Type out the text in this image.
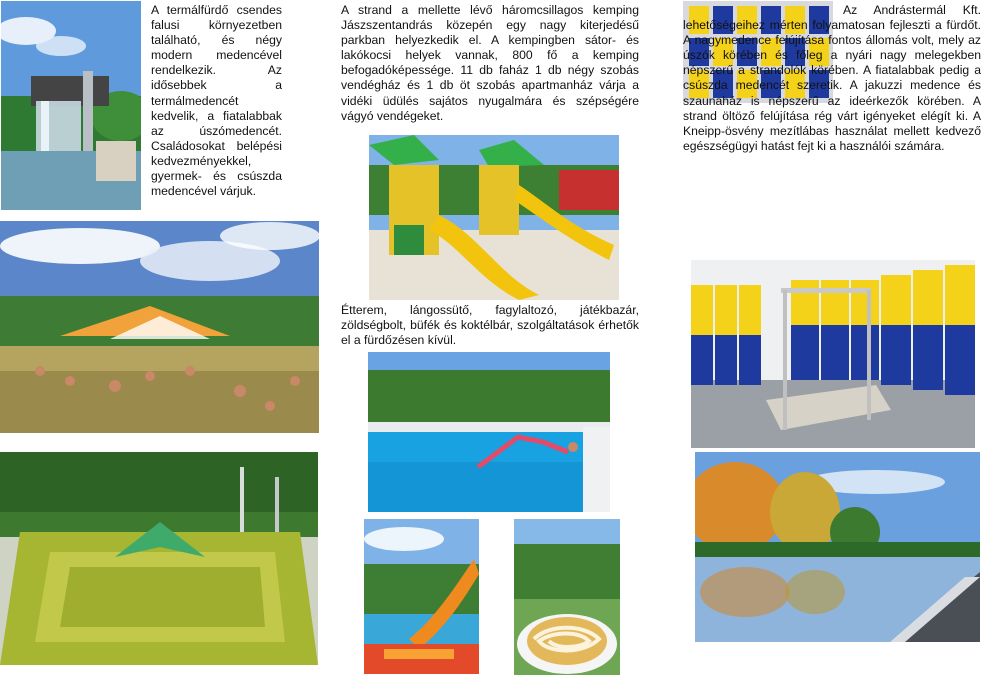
A termálfürdő csendes falusi környezetben található, és négy modern medencével rendelkezik. Az idősebbek a termálmedencét kedvelik, a fiatalabbak az úszómedencét. Családosokat belépési kedvezményekkel, gyermek- és csúszda medencével várjuk.

A strand a mellette lévő háromcsillagos kemping Jászszentandrás közepén egy nagy kiterjedésű parkban helyezkedik el. A kempingben sátor- és lakókocsi helyek vannak, 800 fő a kemping befogadóképessége. 11 db faház 1 db négy szobás vendégház és 1 db öt szobás apartmanház várja a vidéki üdülés sajátos nyugalmára és szépségére vágyó vendégeket.

Étterem, lángossütő, fagylaltozó, játékbazár, zöldségbolt, büfék és koktélbár, szolgáltatások érhetők el a fürdőzésen kívül.

Az Andrástermál Kft. lehetőségeihez mérten folyamatosan fejleszti a fürdőt. A nagymedence felújítása fontos állomás volt, mely az úszók körében és főleg a nyári nagy melegekben népszerű a strandolók körében. A fiatalabbak pedig a csúszda medencét szeretik. A jakuzzi medence és szaunaház is népszerű az ideérkezők körében. A strand öltöző felújítása rég várt igényeket elégít ki. A Kneipp-ösvény mezítlábas használat mellett kedvező egészségügyi hatást fejt ki a használói számára.
